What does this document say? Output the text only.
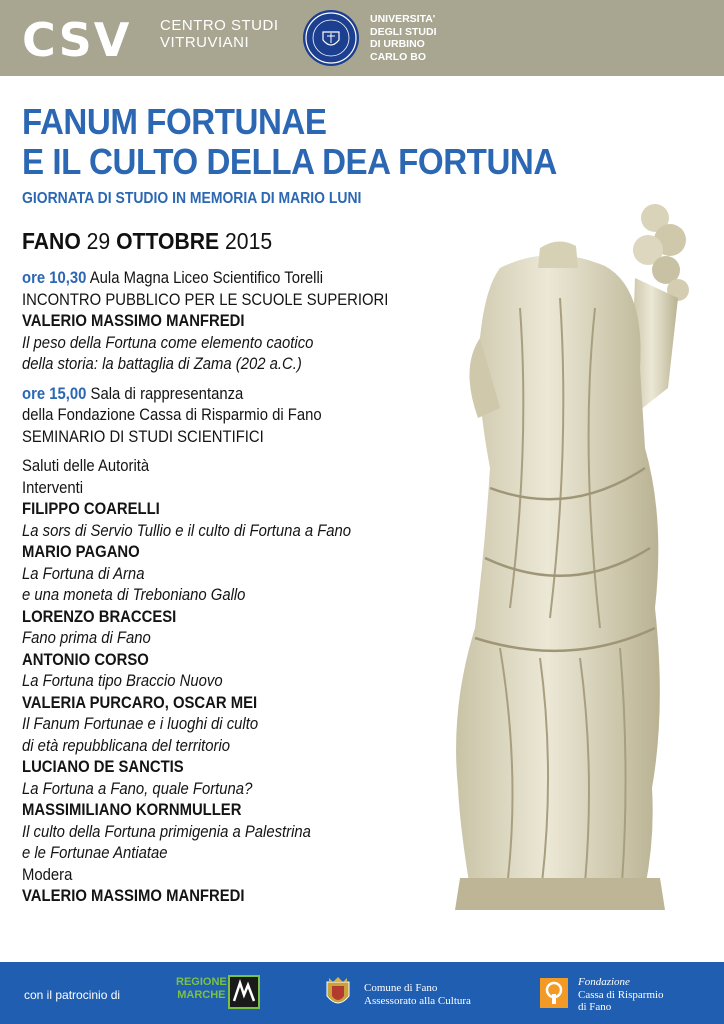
CSV CENTRO STUDI
VITRUVIANI
UNIVERSITA'
DEGLI STUDI
DI URBINO
CARLO BO
FANUM FORTUNAE
E IL CULTO DELLA DEA FORTUNA
GIORNATA DI STUDIO IN MEMORIA DI MARIO LUNI
FANO 29 OTTOBRE 2015
ore 10,30 Aula Magna Liceo Scientifico Torelli
INCONTRO PUBBLICO PER LE SCUOLE SUPERIORI
VALERIO MASSIMO MANFREDI
Il peso della Fortuna come elemento caotico
della storia: la battaglia di Zama (202 a.C.)
ore 15,00 Sala di rappresentanza
della Fondazione Cassa di Risparmio di Fano
SEMINARIO DI STUDI SCIENTIFICI
Saluti delle Autorità
Interventi
FILIPPO COARELLI
La sors di Servio Tullio e il culto di Fortuna a Fano
MARIO PAGANO
La Fortuna di Arna
e una moneta di Treboniano Gallo
LORENZO BRACCESI
Fano prima di Fano
ANTONIO CORSO
La Fortuna tipo Braccio Nuovo
VALERIA PURCARO, OSCAR MEI
Il Fanum Fortunae e i luoghi di culto
di età repubblicana del territorio
LUCIANO DE SANCTIS
La Fortuna a Fano, quale Fortuna?
MASSIMILIANO KORNMULLER
Il culto della Fortuna primigenia a Palestrina
e le Fortunae Antiatae
Modera
VALERIO MASSIMO MANFREDI
con il patrocinio di
REGIONE
MARCHE
Comune di Fano
Assessorato alla Cultura
Fondazione
Cassa di Risparmio
di Fano
